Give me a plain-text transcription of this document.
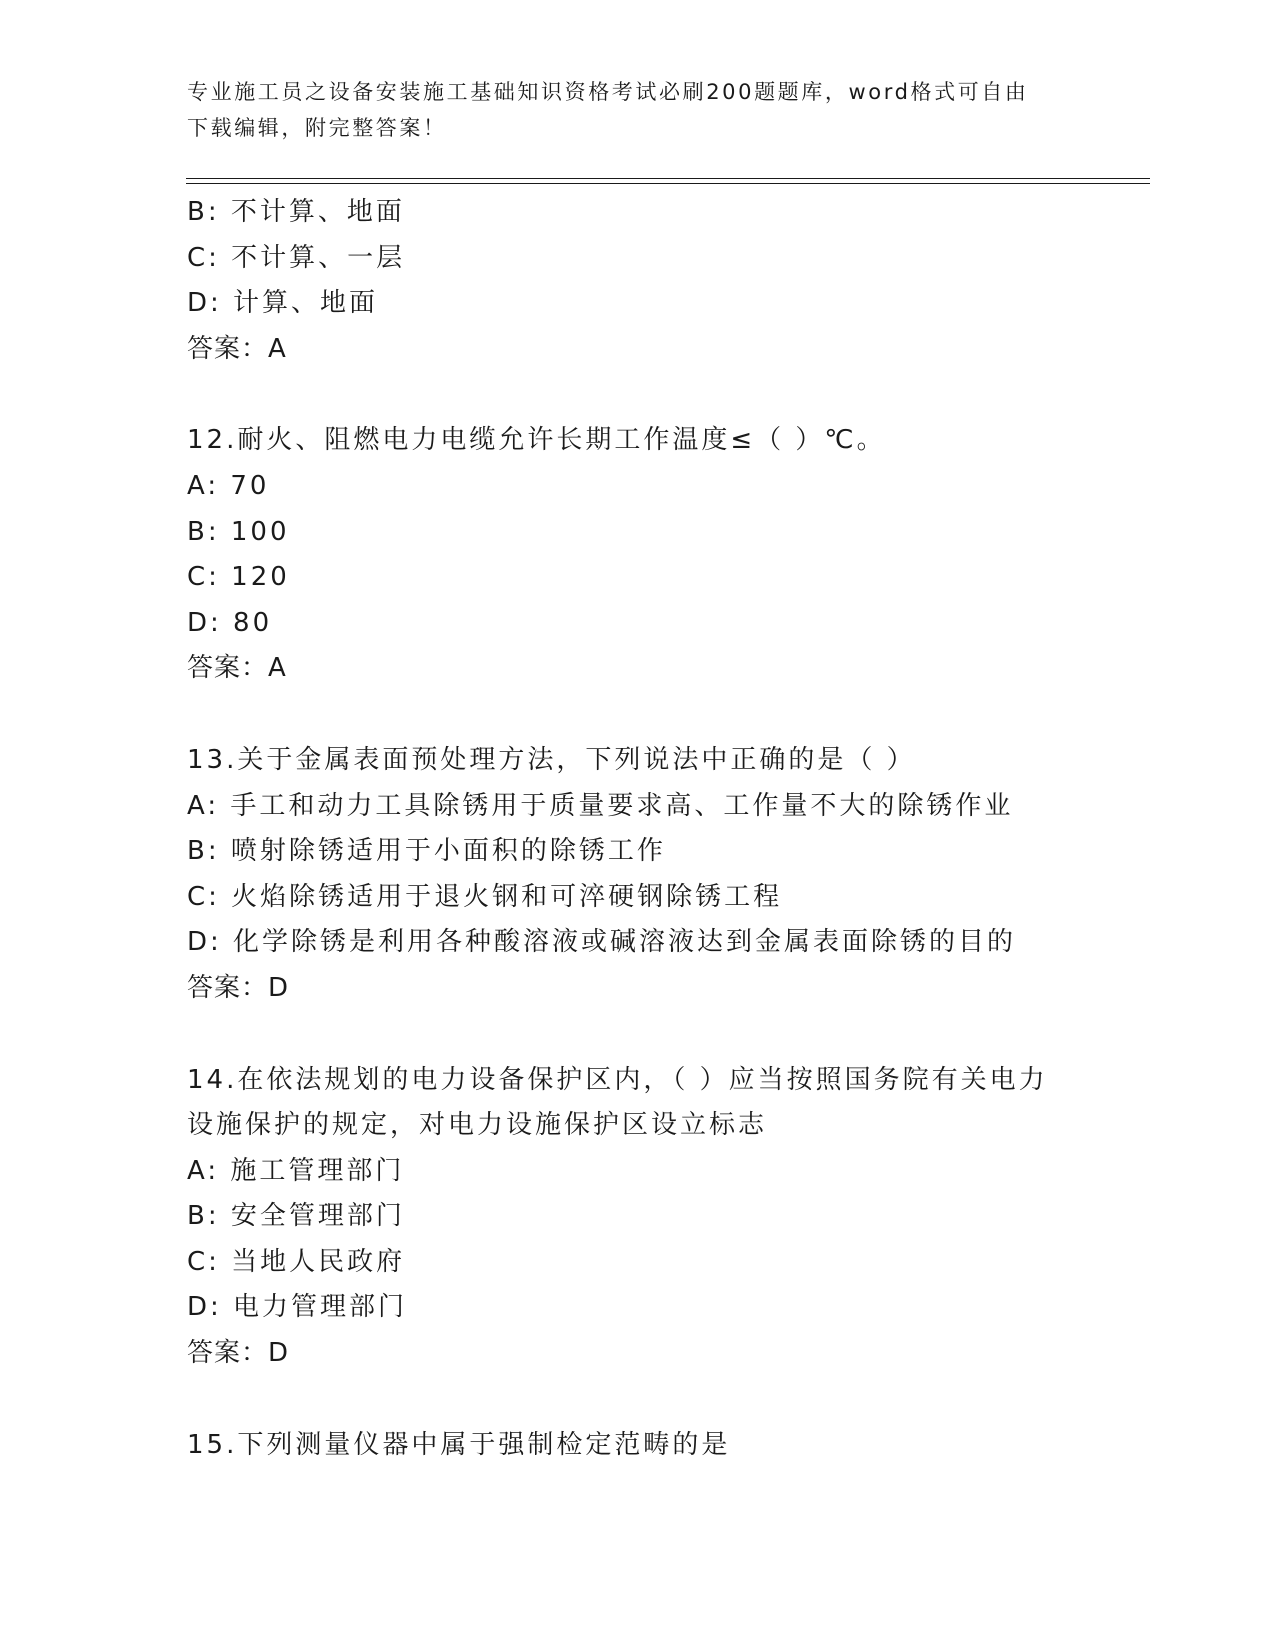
专业施工员之设备安装施工基础知识资格考试必刷200题题库，word格式可自由
下载编辑，附完整答案！
B: 不计算、地面
C: 不计算、一层
D: 计算、地面
答案：A
12.耐火、阻燃电力电缆允许长期工作温度≤（ ）℃。
A: 70
B: 100
C: 120
D: 80
答案：A
13.关于金属表面预处理方法，下列说法中正确的是（ ）
A: 手工和动力工具除锈用于质量要求高、工作量不大的除锈作业
B: 喷射除锈适用于小面积的除锈工作
C: 火焰除锈适用于退火钢和可淬硬钢除锈工程
D: 化学除锈是利用各种酸溶液或碱溶液达到金属表面除锈的目的
答案：D
14.在依法规划的电力设备保护区内，（ ）应当按照国务院有关电力
设施保护的规定，对电力设施保护区设立标志
A: 施工管理部门
B: 安全管理部门
C: 当地人民政府
D: 电力管理部门
答案：D
15.下列测量仪器中属于强制检定范畴的是
